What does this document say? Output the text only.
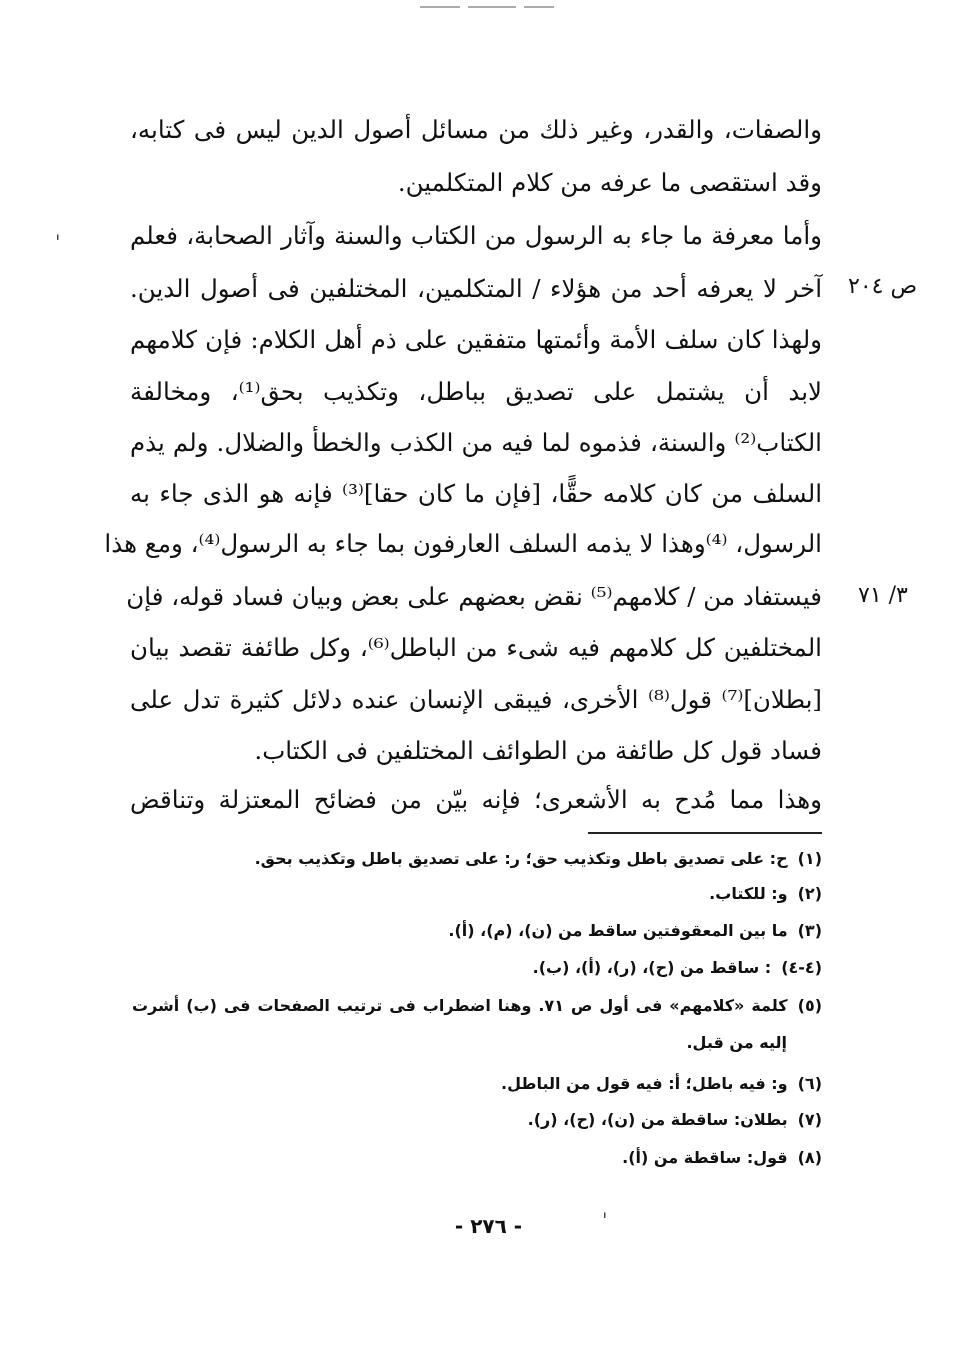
والصفات، والقدر، وغير ذلك من مسائل أصول الدين ليس فى كتابه،
وقد استقصى ما عرفه من كلام المتكلمين.
وأما معرفة ما جاء به الرسول من الكتاب والسنة وآثار الصحابة، فعلم
آخر لا يعرفه أحد من هؤلاء / المتكلمين، المختلفين فى أصول الدين.
ولهذا كان سلف الأمة وأئمتها متفقين على ذم أهل الكلام: فإن كلامهم
لابد أن يشتمل على تصديق بباطل، وتكذيب بحق⁽¹⁾، ومخالفة
الكتاب⁽²⁾ والسنة، فذموه لما فيه من الكذب والخطأ والضلال. ولم يذم
السلف من كان كلامه حقًّا، [فإن ما كان حقا]⁽³⁾ فإنه هو الذى جاء به
الرسول، ⁽⁴⁾وهذا لا يذمه السلف العارفون بما جاء به الرسول⁽⁴⁾، ومع هذا
فيستفاد من / كلامهم⁽⁵⁾ نقض بعضهم على بعض وبيان فساد قوله، فإن
المختلفين كل كلامهم فيه شىء من الباطل⁽⁶⁾، وكل طائفة تقصد بيان
[بطلان]⁽⁷⁾ قول⁽⁸⁾ الأخرى، فيبقى الإنسان عنده دلائل كثيرة تدل على
فساد قول كل طائفة من الطوائف المختلفين فى الكتاب.
وهذا مما مُدح به الأشعرى؛ فإنه بيّن من فضائح المعتزلة وتناقض
ص ٢٠٤
٣/ ٧١
ˌ
(١)ح: على تصديق باطل وتكذيب حق؛ ر: على تصديق باطل وتكذيب بحق.
(٢)و: للكتاب.
(٣)ما بين المعقوفتين ساقط من (ن)، (م)، (أ).
(٤-٤): ساقط من (ح)، (ر)، (أ)، (ب).
(٥)كلمة «كلامهم» فى أول ص ٧١. وهنا اضطراب فى ترتيب الصفحات فى (ب) أشرت
إليه من قبل.
(٦)و: فيه باطل؛ أ: فيه قول من الباطل.
(٧)بطلان: ساقطة من (ن)، (ح)، (ر).
(٨)قول: ساقطة من (أ).
ˌ
- ٢٧٦ -
